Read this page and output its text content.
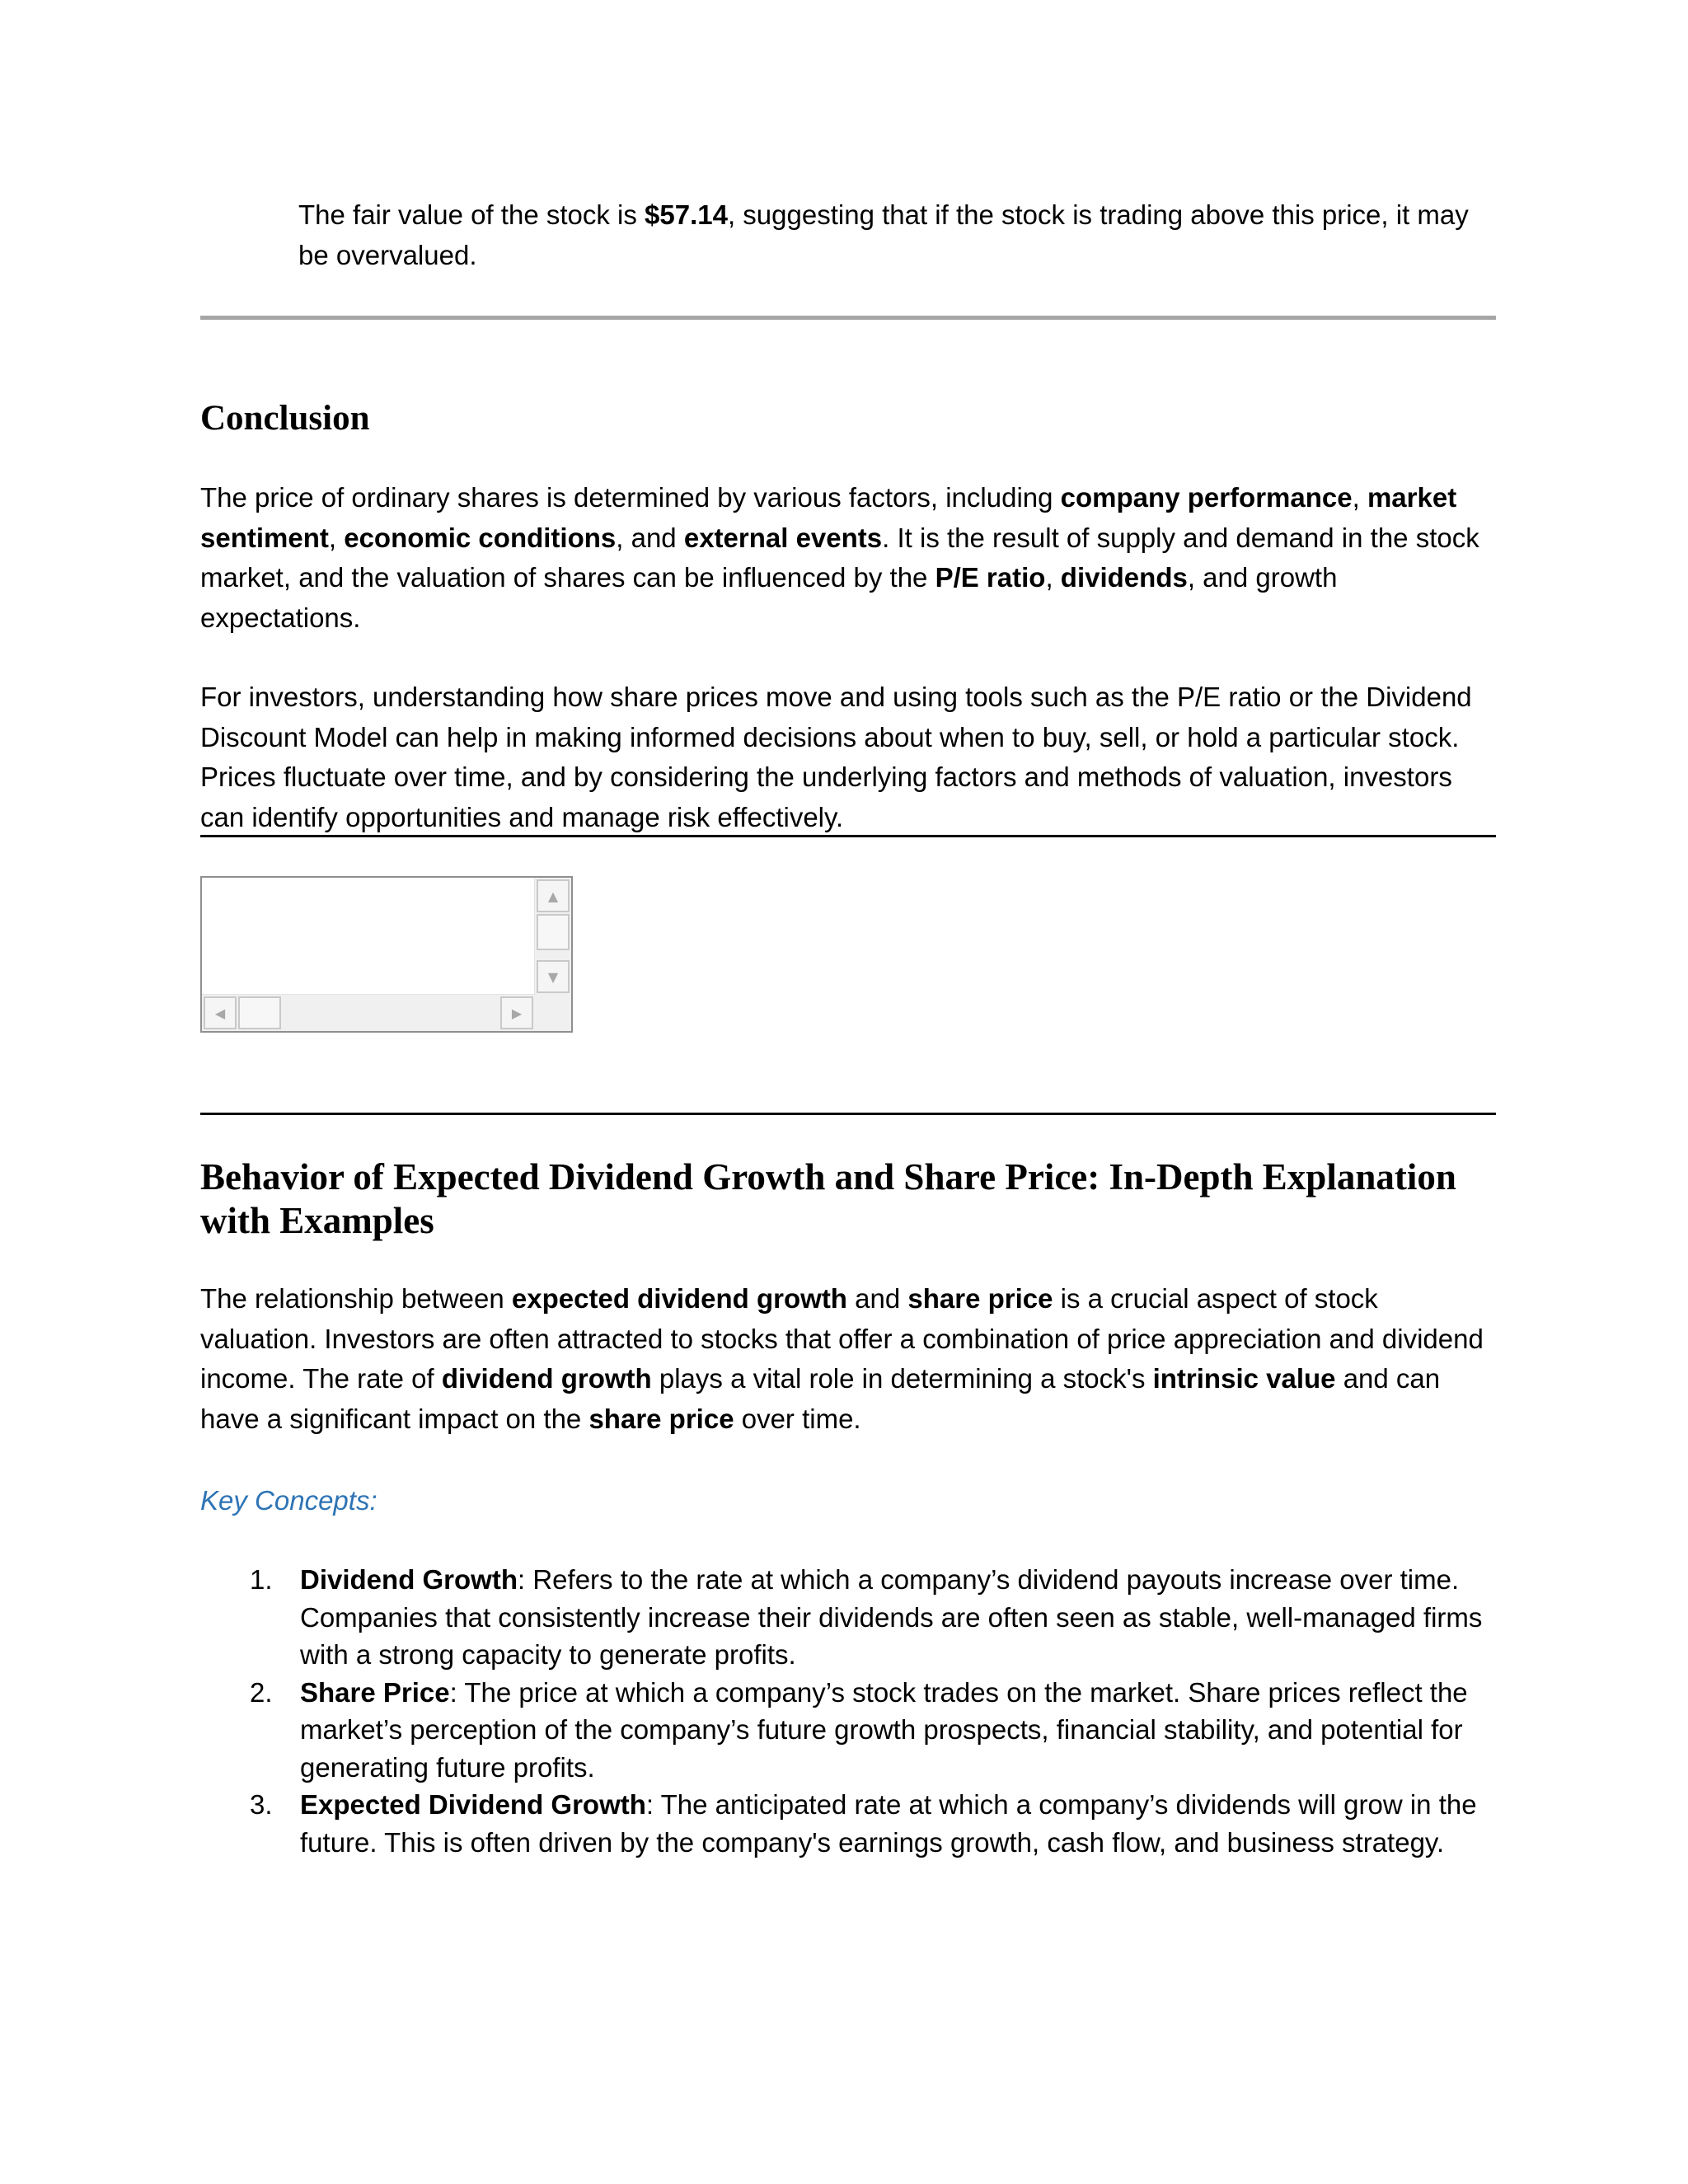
The fair value of the stock is $57.14, suggesting that if the stock is trading above this price, it may be overvalued.

Conclusion

The price of ordinary shares is determined by various factors, including company performance, market sentiment, economic conditions, and external events. It is the result of supply and demand in the stock market, and the valuation of shares can be influenced by the P/E ratio, dividends, and growth expectations.

For investors, understanding how share prices move and using tools such as the P/E ratio or the Dividend Discount Model can help in making informed decisions about when to buy, sell, or hold a particular stock. Prices fluctuate over time, and by considering the underlying factors and methods of valuation, investors can identify opportunities and manage risk effectively.

▲
▼
◀	▶
Behavior of Expected Dividend Growth and Share Price: In-Depth Explanation with Examples

The relationship between expected dividend growth and share price is a crucial aspect of stock valuation. Investors are often attracted to stocks that offer a combination of price appreciation and dividend income. The rate of dividend growth plays a vital role in determining a stock's intrinsic value and can have a significant impact on the share price over time.

Key Concepts:

1. Dividend Growth: Refers to the rate at which a company’s dividend payouts increase over time. Companies that consistently increase their dividends are often seen as stable, well-managed firms with a strong capacity to generate profits.
2. Share Price: The price at which a company’s stock trades on the market. Share prices reflect the market’s perception of the company’s future growth prospects, financial stability, and potential for generating future profits.
3. Expected Dividend Growth: The anticipated rate at which a company’s dividends will grow in the future. This is often driven by the company's earnings growth, cash flow, and business strategy.
